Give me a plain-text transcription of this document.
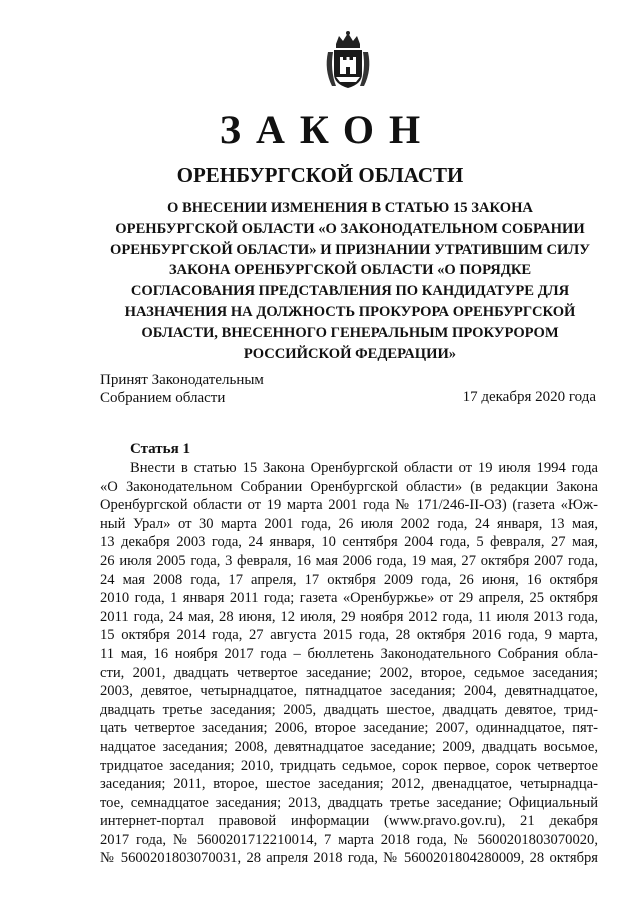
ЗАКОН
ОРЕНБУРГСКОЙ ОБЛАСТИ
О ВНЕСЕНИИ ИЗМЕНЕНИЯ В СТАТЬЮ 15 ЗАКОНА
ОРЕНБУРГСКОЙ ОБЛАСТИ «О ЗАКОНОДАТЕЛЬНОМ СОБРАНИИ
ОРЕНБУРГСКОЙ ОБЛАСТИ» И ПРИЗНАНИИ УТРАТИВШИМ СИЛУ
ЗАКОНА ОРЕНБУРГСКОЙ ОБЛАСТИ «О ПОРЯДКЕ
СОГЛАСОВАНИЯ ПРЕДСТАВЛЕНИЯ ПО КАНДИДАТУРЕ ДЛЯ
НАЗНАЧЕНИЯ НА ДОЛЖНОСТЬ ПРОКУРОРА ОРЕНБУРГСКОЙ
ОБЛАСТИ, ВНЕСЕННОГО ГЕНЕРАЛЬНЫМ ПРОКУРОРОМ
РОССИЙСКОЙ ФЕДЕРАЦИИ»
Принят Законодательным
Собранием области	17 декабря 2020 года
Статья 1
Внести в статью 15 Закона Оренбургской области от 19 июля 1994 года
«О Законодательном Собрании Оренбургской области» (в редакции Закона
Оренбургской области от 19 марта 2001 года № 171/246-II-ОЗ) (газета «Юж-
ный Урал» от 30 марта 2001 года, 26 июля 2002 года, 24 января, 13 мая,
13 декабря 2003 года, 24 января, 10 сентября 2004 года, 5 февраля, 27 мая,
26 июля 2005 года, 3 февраля, 16 мая 2006 года, 19 мая, 27 октября 2007 года,
24 мая 2008 года, 17 апреля, 17 октября 2009 года, 26 июня, 16 октября
2010 года, 1 января 2011 года; газета «Оренбуржье» от 29 апреля, 25 октября
2011 года, 24 мая, 28 июня, 12 июля, 29 ноября 2012 года, 11 июля 2013 года,
15 октября 2014 года, 27 августа 2015 года, 28 октября 2016 года, 9 марта,
11 мая, 16 ноября 2017 года – бюллетень Законодательного Собрания обла-
сти, 2001, двадцать четвертое заседание; 2002, второе, седьмое заседания;
2003, девятое, четырнадцатое, пятнадцатое заседания; 2004, девятнадцатое,
двадцать третье заседания; 2005, двадцать шестое, двадцать девятое, трид-
цать четвертое заседания; 2006, второе заседание; 2007, одиннадцатое, пят-
надцатое заседания; 2008, девятнадцатое заседание; 2009, двадцать восьмое,
тридцатое заседания; 2010, тридцать седьмое, сорок первое, сорок четвертое
заседания; 2011, второе, шестое заседания; 2012, двенадцатое, четырнадца-
тое, семнадцатое заседания; 2013, двадцать третье заседание; Официальный
интернет-портал правовой информации (www.pravo.gov.ru), 21 декабря
2017 года, № 5600201712210014, 7 марта 2018 года, № 5600201803070020,
№ 5600201803070031, 28 апреля 2018 года, № 5600201804280009, 28 октября
